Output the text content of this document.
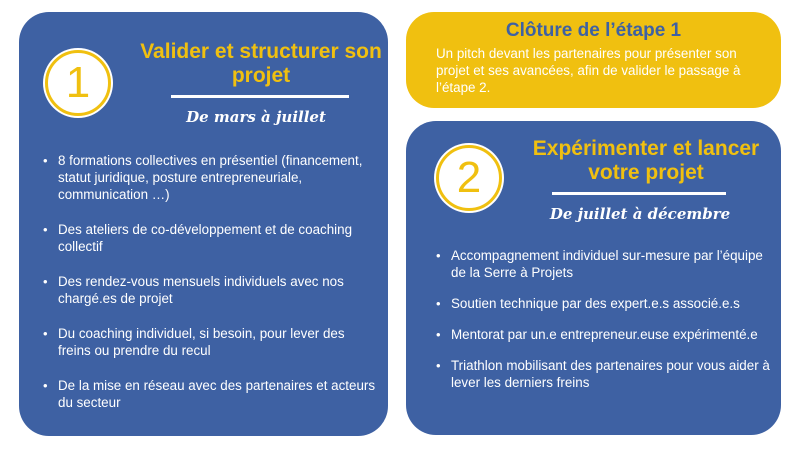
1
Valider et structurer son projet
De mars à juillet
• 8 formations collectives en présentiel (financement, statut juridique, posture entrepreneuriale, communication …)
• Des ateliers de co-développement et de coaching collectif
• Des rendez-vous mensuels individuels avec nos chargé.es de projet
• Du coaching individuel, si besoin, pour lever des freins ou prendre du recul
• De la mise en réseau avec des partenaires et acteurs du secteur
Clôture de l’étape 1
Un pitch devant les partenaires pour présenter son projet et ses avancées, afin de valider le passage à l’étape 2.
2
Expérimenter et lancer votre projet
De juillet à décembre
• Accompagnement individuel sur-mesure par l’équipe de la Serre à Projets
• Soutien technique par des expert.e.s associé.e.s
• Mentorat par un.e entrepreneur.euse expérimenté.e
• Triathlon mobilisant des partenaires pour vous aider à lever les derniers freins
